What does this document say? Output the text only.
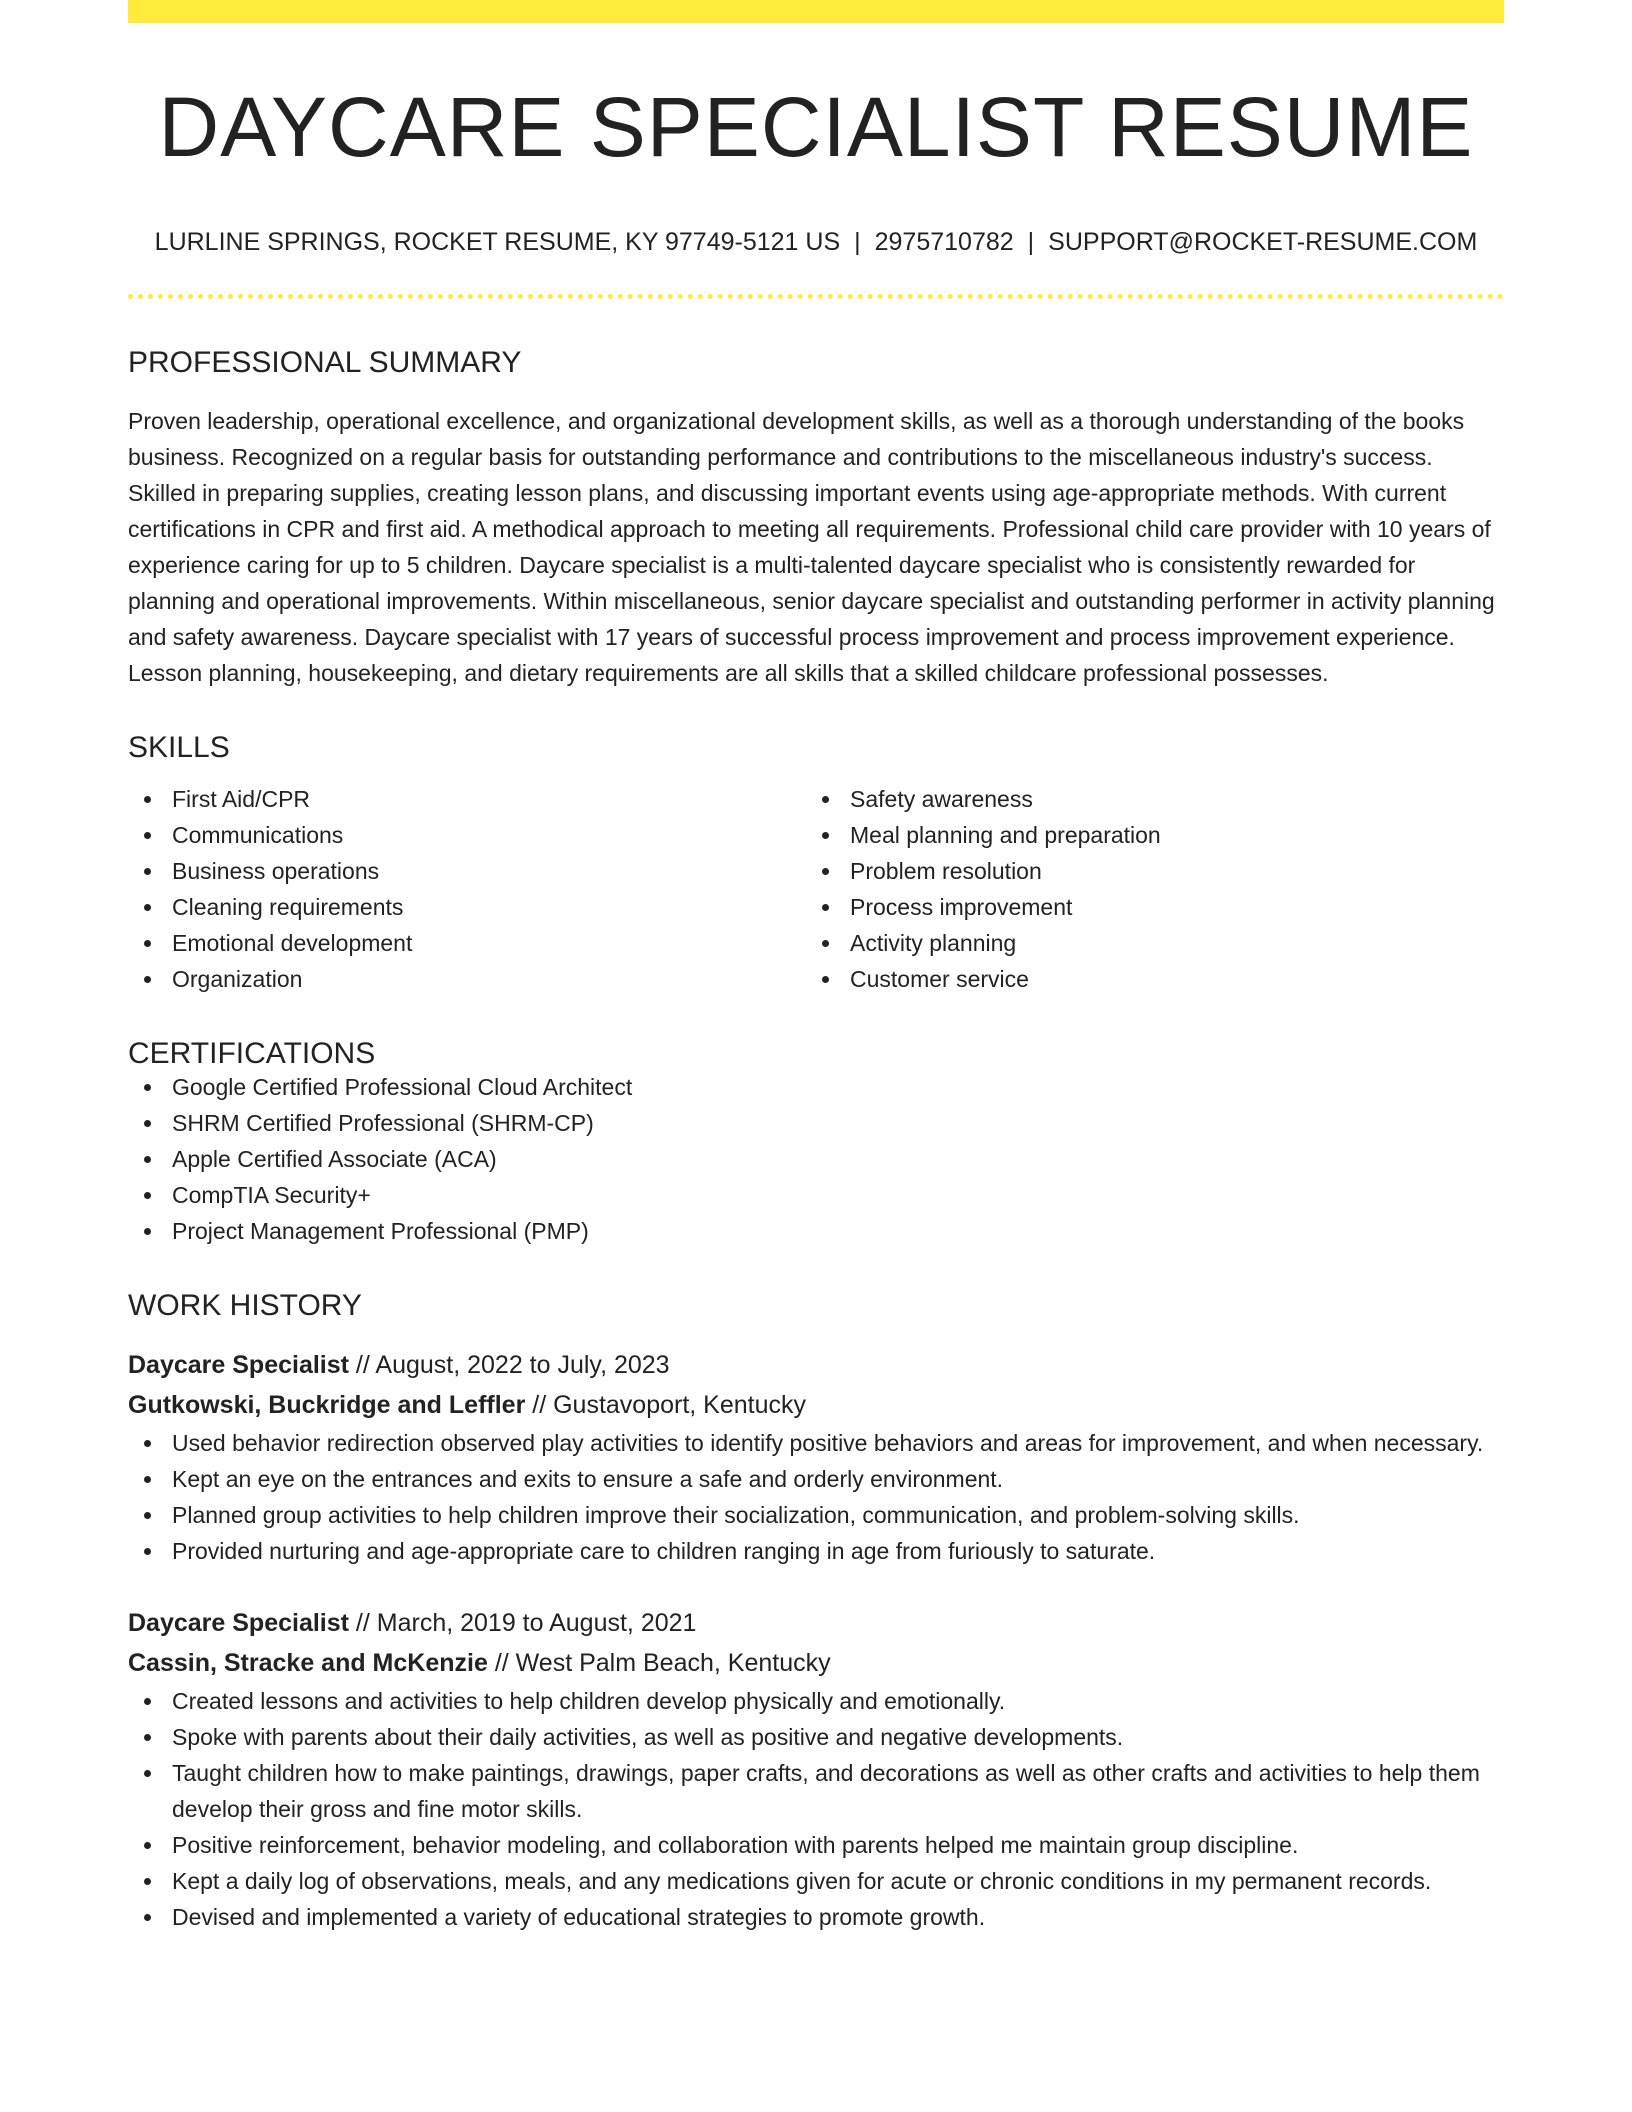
DAYCARE SPECIALIST RESUME
LURLINE SPRINGS, ROCKET RESUME, KY 97749-5121 US | 2975710782 | SUPPORT@ROCKET-RESUME.COM
PROFESSIONAL SUMMARY

Proven leadership, operational excellence, and organizational development skills, as well as a thorough understanding of the books business. Recognized on a regular basis for outstanding performance and contributions to the miscellaneous industry's success. Skilled in preparing supplies, creating lesson plans, and discussing important events using age-appropriate methods. With current certifications in CPR and first aid. A methodical approach to meeting all requirements. Professional child care provider with 10 years of experience caring for up to 5 children. Daycare specialist is a multi-talented daycare specialist who is consistently rewarded for planning and operational improvements. Within miscellaneous, senior daycare specialist and outstanding performer in activity planning and safety awareness. Daycare specialist with 17 years of successful process improvement and process improvement experience. Lesson planning, housekeeping, and dietary requirements are all skills that a skilled childcare professional possesses.

SKILLS
First Aid/CPR
Communications
Business operations
Cleaning requirements
Emotional development
Organization
Safety awareness
Meal planning and preparation
Problem resolution
Process improvement
Activity planning
Customer service
CERTIFICATIONS
Google Certified Professional Cloud Architect
SHRM Certified Professional (SHRM-CP)
Apple Certified Associate (ACA)
CompTIA Security+
Project Management Professional (PMP)
WORK HISTORY
Daycare Specialist // August, 2022 to July, 2023
Gutkowski, Buckridge and Leffler // Gustavoport, Kentucky
Used behavior redirection observed play activities to identify positive behaviors and areas for improvement, and when necessary.
Kept an eye on the entrances and exits to ensure a safe and orderly environment.
Planned group activities to help children improve their socialization, communication, and problem-solving skills.
Provided nurturing and age-appropriate care to children ranging in age from furiously to saturate.
Daycare Specialist // March, 2019 to August, 2021
Cassin, Stracke and McKenzie // West Palm Beach, Kentucky
Created lessons and activities to help children develop physically and emotionally.
Spoke with parents about their daily activities, as well as positive and negative developments.
Taught children how to make paintings, drawings, paper crafts, and decorations as well as other crafts and activities to help them develop their gross and fine motor skills.
Positive reinforcement, behavior modeling, and collaboration with parents helped me maintain group discipline.
Kept a daily log of observations, meals, and any medications given for acute or chronic conditions in my permanent records.
Devised and implemented a variety of educational strategies to promote growth.
